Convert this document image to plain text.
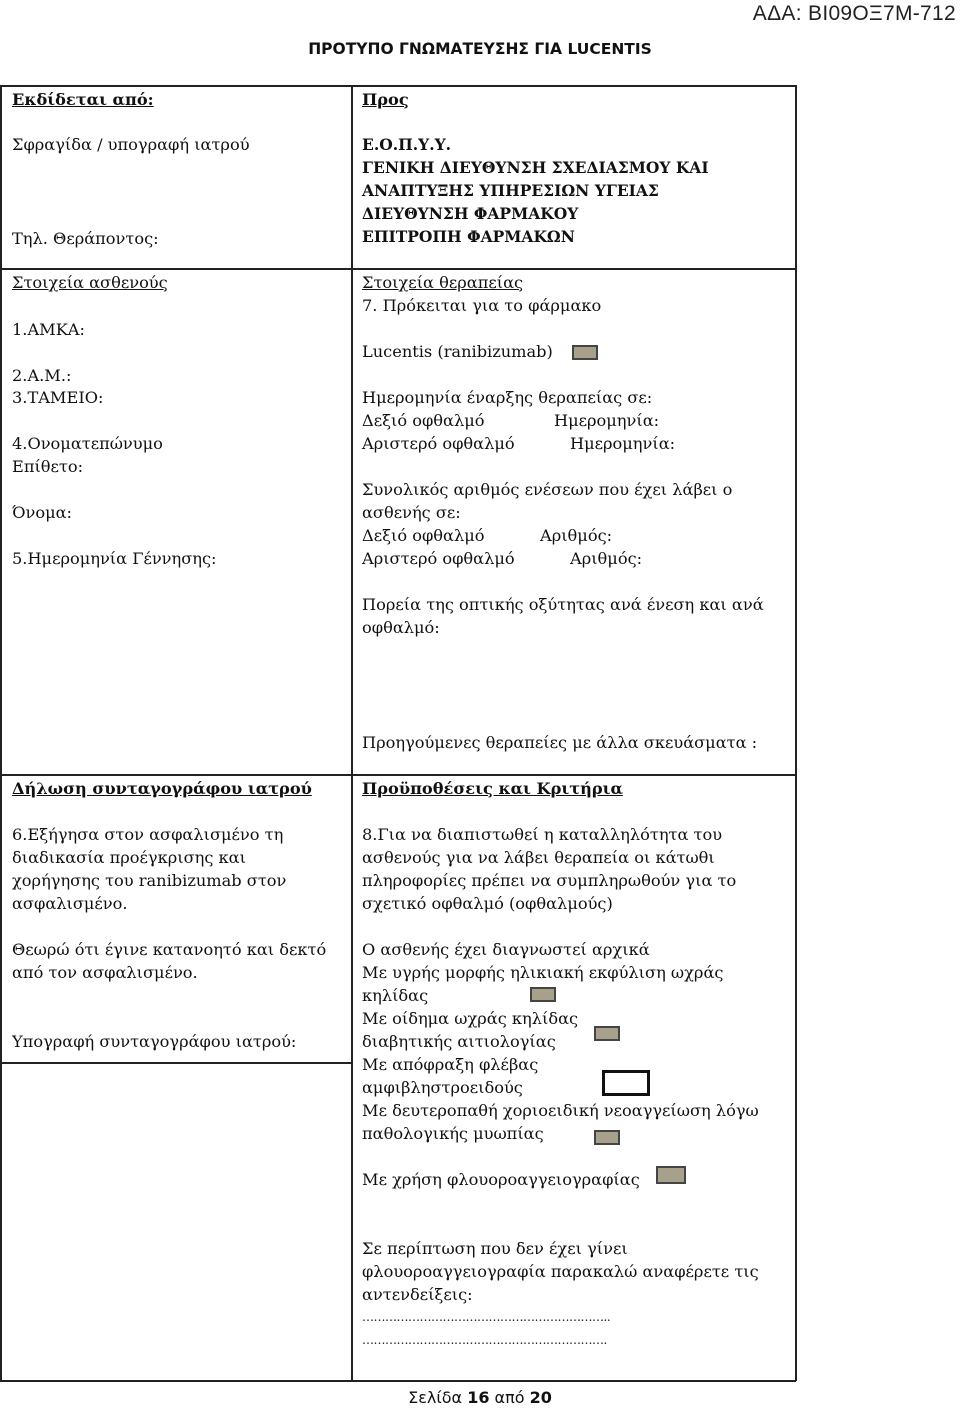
ΑΔΑ: ΒΙ09ΟΞ7Μ-712
ΠΡΟΤΥΠΟ ΓΝΩΜΑΤΕΥΣΗΣ ΓΙΑ LUCENTIS
Εκδίδεται από:
Σφραγίδα / υπογραφή ιατρού
Τηλ. Θεράποντος:
Προς
Ε.Ο.Π.Υ.Υ.
ΓΕΝΙΚΗ ΔΙΕΥΘΥΝΣΗ ΣΧΕΔΙΑΣΜΟΥ ΚΑΙ
ΑΝΑΠΤΥΞΗΣ ΥΠΗΡΕΣΙΩΝ ΥΓΕΙΑΣ
ΔΙΕΥΘΥΝΣΗ ΦΑΡΜΑΚΟΥ
ΕΠΙΤΡΟΠΗ ΦΑΡΜΑΚΩΝ
Στοιχεία ασθενούς
1.ΑΜΚΑ:
2.Α.Μ.:
3.ΤΑΜΕΙΟ:
4.Ονοματεπώνυμο
Επίθετο:
Όνομα:
5.Ημερομηνία Γέννησης:
Στοιχεία θεραπείας
7. Πρόκειται για το φάρμακο
Lucentis (ranibizumab)
Ημερομηνία έναρξης θεραπείας σε:
Δεξιό οφθαλμό	Ημερομηνία:
Αριστερό οφθαλμό	Ημερομηνία:
Συνολικός αριθμός ενέσεων που έχει λάβει ο
ασθενής σε:
Δεξιό οφθαλμό	Αριθμός:
Αριστερό οφθαλμό	Αριθμός:
Πορεία της οπτικής οξύτητας ανά ένεση και ανά
οφθαλμό:
Προηγούμενες θεραπείες με άλλα σκευάσματα :
Δήλωση συνταγογράφου ιατρού
6.Εξήγησα στον ασφαλισμένο τη
διαδικασία προέγκρισης και
χορήγησης του ranibizumab στον
ασφαλισμένο.
Θεωρώ ότι έγινε κατανοητό και δεκτό
από τον ασφαλισμένο.
Υπογραφή συνταγογράφου ιατρού:
Προϋποθέσεις και Κριτήρια
8.Για να διαπιστωθεί η καταλληλότητα του
ασθενούς για να λάβει θεραπεία οι κάτωθι
πληροφορίες πρέπει να συμπληρωθούν για το
σχετικό οφθαλμό (οφθαλμούς)
Ο ασθενής έχει διαγνωστεί αρχικά
Με υγρής μορφής ηλικιακή εκφύλιση ωχράς
κηλίδας
Με οίδημα ωχράς κηλίδας
διαβητικής αιτιολογίας
Με απόφραξη φλέβας
αμφιβληστροειδούς
Με δευτεροπαθή χοριοειδική νεοαγγείωση λόγω
παθολογικής μυωπίας
Με χρήση φλουοροαγγειογραφίας
Σε περίπτωση που δεν έχει γίνει
φλουοροαγγειογραφία παρακαλώ αναφέρετε τις
αντενδείξεις:
………………………………………………………..
……………………………………………………….
Σελίδα 16 από 20
